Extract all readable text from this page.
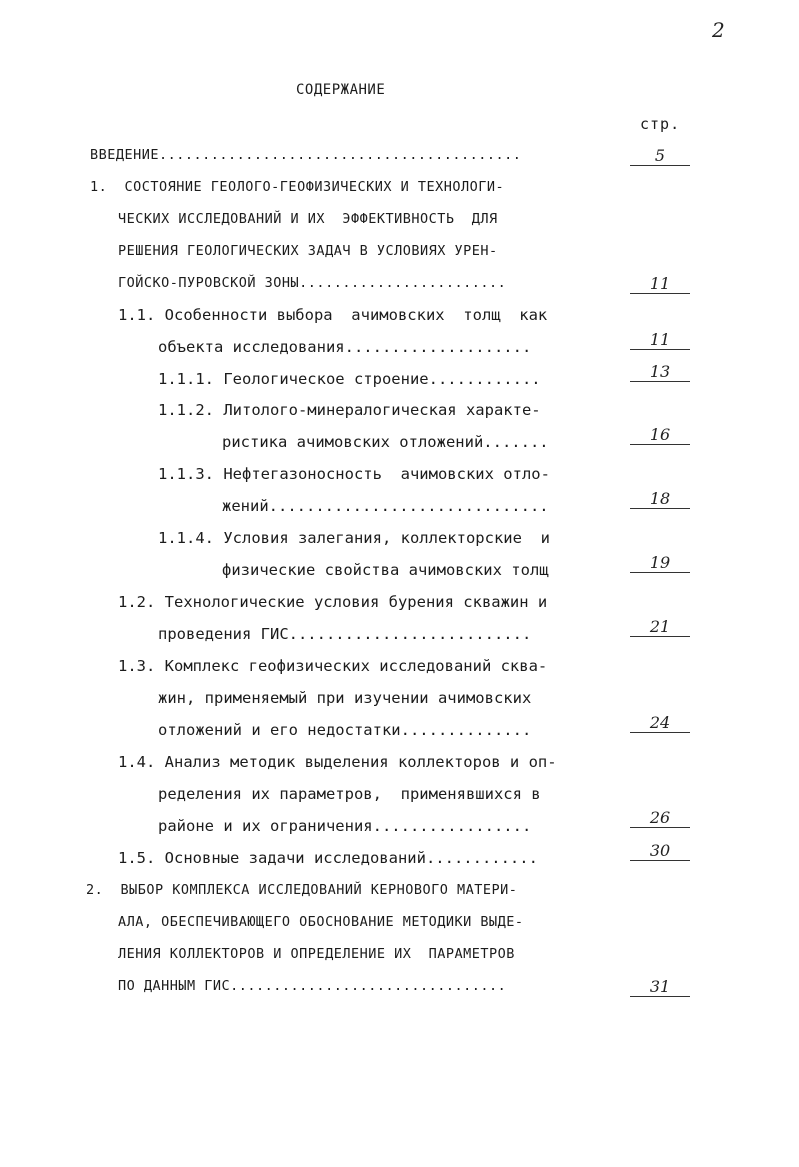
2
СОДЕРЖАНИЕ
стр.
ВВЕДЕНИЕ..........................................	5
1.  СОСТОЯНИЕ ГЕОЛОГО-ГЕОФИЗИЧЕСКИХ И ТЕХНОЛОГИ-
ЧЕСКИХ ИССЛЕДОВАНИЙ И ИХ  ЭФФЕКТИВНОСТЬ  ДЛЯ
РЕШЕНИЯ ГЕОЛОГИЧЕСКИХ ЗАДАЧ В УСЛОВИЯХ УРЕН-
ГОЙСКО-ПУРОВСКОЙ ЗОНЫ........................	11
1.1. Особенности выбора  ачимовских  толщ  как
объекта исследования....................	11
1.1.1. Геологическое строение............	13
1.1.2. Литолого-минералогическая характе-
ристика ачимовских отложений.......	16
1.1.3. Нефтегазоносность  ачимовских отло-
жений..............................	18
1.1.4. Условия залегания, коллекторские  и
физические свойства ачимовских толщ	19
1.2. Технологические условия бурения скважин и
проведения ГИС..........................	21
1.3. Комплекс геофизических исследований сква-
жин, применяемый при изучении ачимовских
отложений и его недостатки..............	24
1.4. Анализ методик выделения коллекторов и оп-
ределения их параметров,  применявшихся в
районе и их ограничения.................	26
1.5. Основные задачи исследований............	30
2.  ВЫБОР КОМПЛЕКСА ИССЛЕДОВАНИЙ КЕРНОВОГО МАТЕРИ-
АЛА, ОБЕСПЕЧИВАЮЩЕГО ОБОСНОВАНИЕ МЕТОДИКИ ВЫДЕ-
ЛЕНИЯ КОЛЛЕКТОРОВ И ОПРЕДЕЛЕНИЕ ИХ  ПАРАМЕТРОВ
ПО ДАННЫМ ГИС................................	31
